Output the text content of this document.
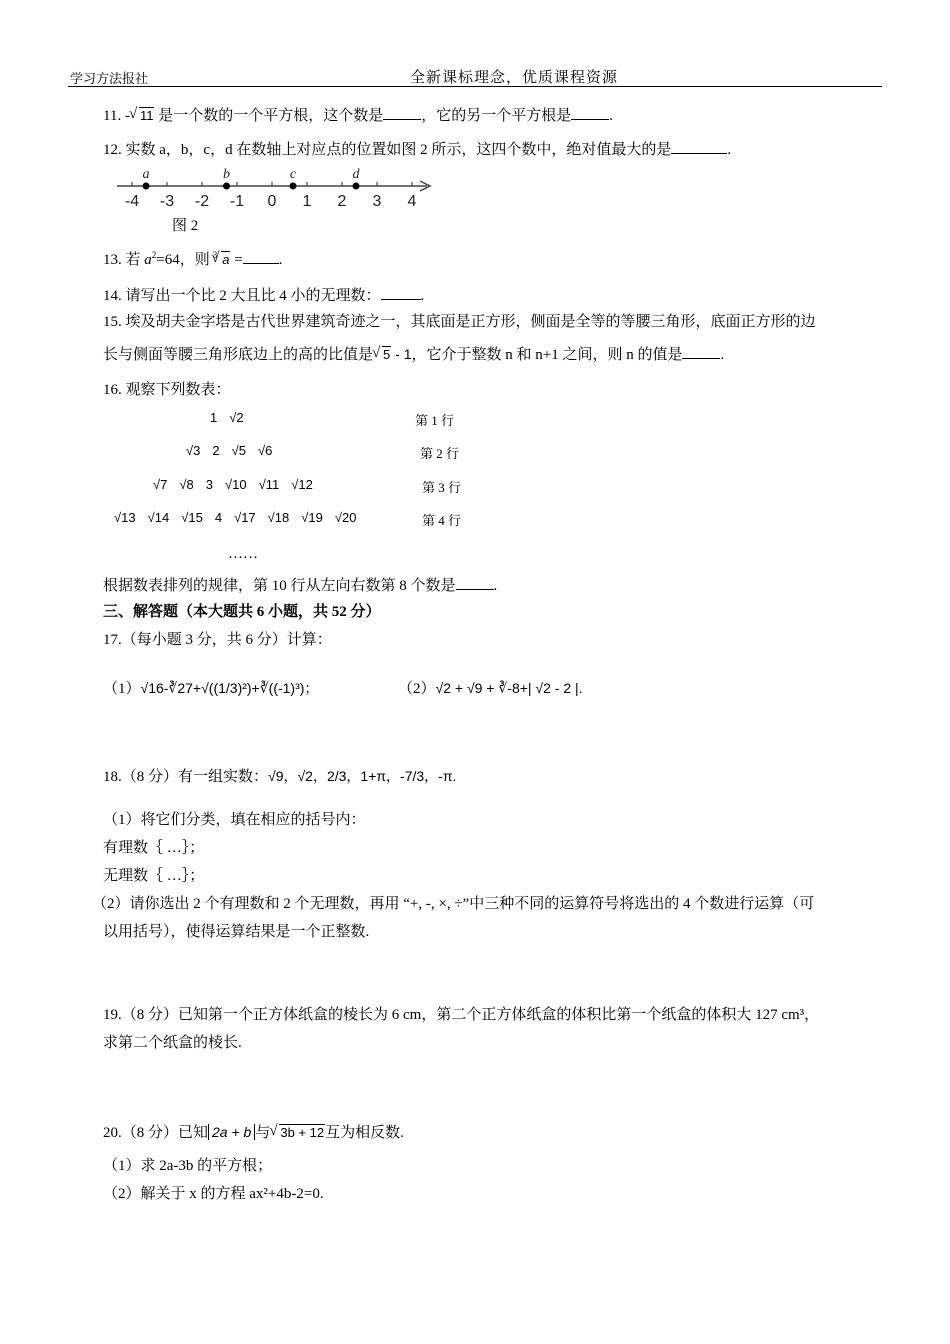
学习方法报社	全新课标理念，优质课程资源
11. - √ 11 是一个数的一个平方根，这个数是	，它的另一个平方根是	.
12. 实数 a，b，c，d 在数轴上对应点的位置如图 2 所示，这四个数中，绝对值最大的是	.
-4 -3 -2 -1 0 1 2 3 4
a	b	c	d
图 2
13. 若 $a^2=64$，则 $^3$ √ a = .
14. 请写出一个比 2 大且比 4 小的无理数：	.
15. 埃及胡夫金字塔是古代世界建筑奇迹之一，其底面是正方形，侧面是全等的等腰三角形，底面正方形的边
长与侧面等腰三角形底边上的高的比值是 √ 5 - 1，它介于整数 n 和 n+1 之间，则 n 的值是	.
16. 观察下列数表：
1 √2	第 1 行
√3 2 √5 √6	第 2 行
√7 √8 3 √10 √11 √12	第 3 行
√13 √14 √15 4 √17 √18 √19 √20	第 4 行
……
根据数表排列的规律，第 10 行从左向右数第 8 个数是	.
三、解答题（本大题共 6 小题，共 52 分）
17.（每小题 3 分，共 6 分）计算：
（1）√16-∛27+√((1/3)²)+∛((-1)³)；	（2）√2 + √9 + ∛-8+| √2 - 2 |.
18.（8 分）有一组实数：√9，√2，2/3，1+π，-7/3，-π.
（1）将它们分类，填在相应的括号内：
有理数｛ …｝；
无理数｛ …｝；
（2）请你选出 2 个有理数和 2 个无理数，再用 “+, -, ×, ÷”中三种不同的运算符号将选出的 4 个数进行运算（可
以用括号），使得运算结果是一个正整数.
19.（8 分）已知第一个正方体纸盒的棱长为 6 cm，第二个正方体纸盒的体积比第一个纸盒的体积大 127 cm³，
求第二个纸盒的棱长.
20.（8 分）已知 2a + b 与 √ 3b + 12互为相反数.
（1）求 2a-3b 的平方根；
（2）解关于 x 的方程 ax²+4b-2=0.
